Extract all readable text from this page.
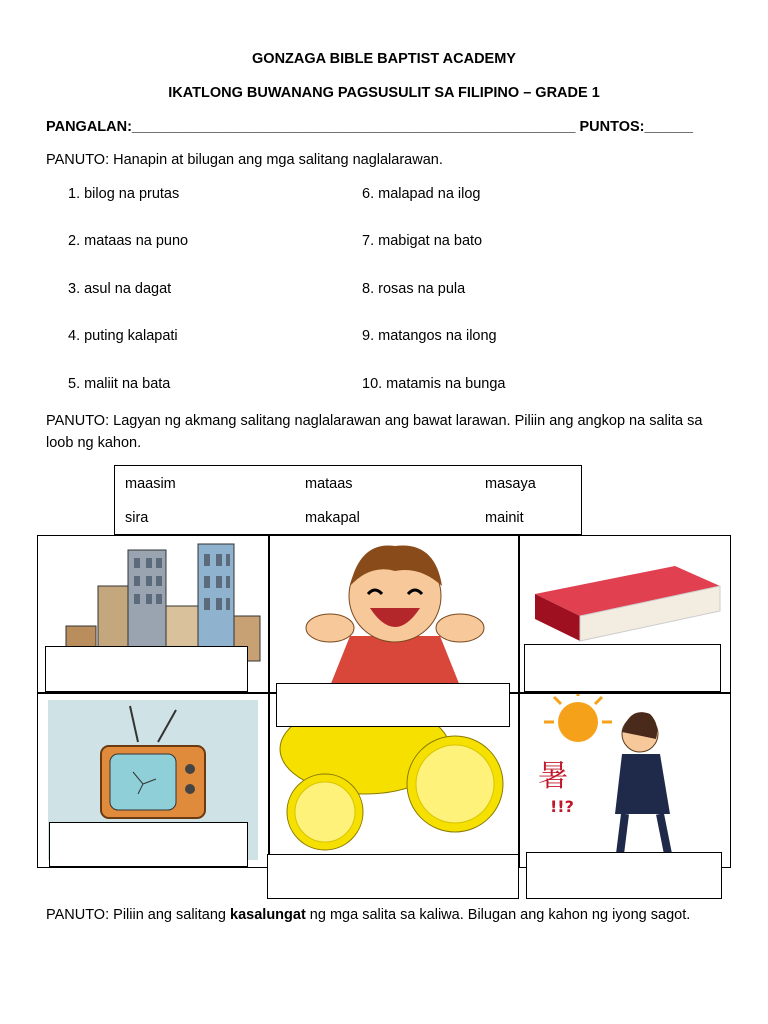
GONZAGA BIBLE BAPTIST ACADEMY
IKATLONG BUWANANG PAGSUSULIT SA FILIPINO – GRADE 1
PANGALAN:_______________________________________________________ PUNTOS:______
PANUTO: Hanapin at bilugan ang mga salitang naglalarawan.
1. bilog na prutas
2. mataas na puno
3. asul na dagat
4. puting kalapati
5. maliit na bata
6. malapad na ilog
7. mabigat na bato
8. rosas na pula
9. matangos na ilong
10. matamis na bunga
PANUTO: Lagyan ng akmang salitang naglalarawan ang bawat larawan. Piliin ang angkop na salita sa loob ng kahon.
maasim	mataas	masaya
sira	makapal	mainit
暑
!!?
PANUTO: Piliin ang salitang kasalungat ng mga salita sa kaliwa. Bilugan ang kahon ng iyong sagot.
